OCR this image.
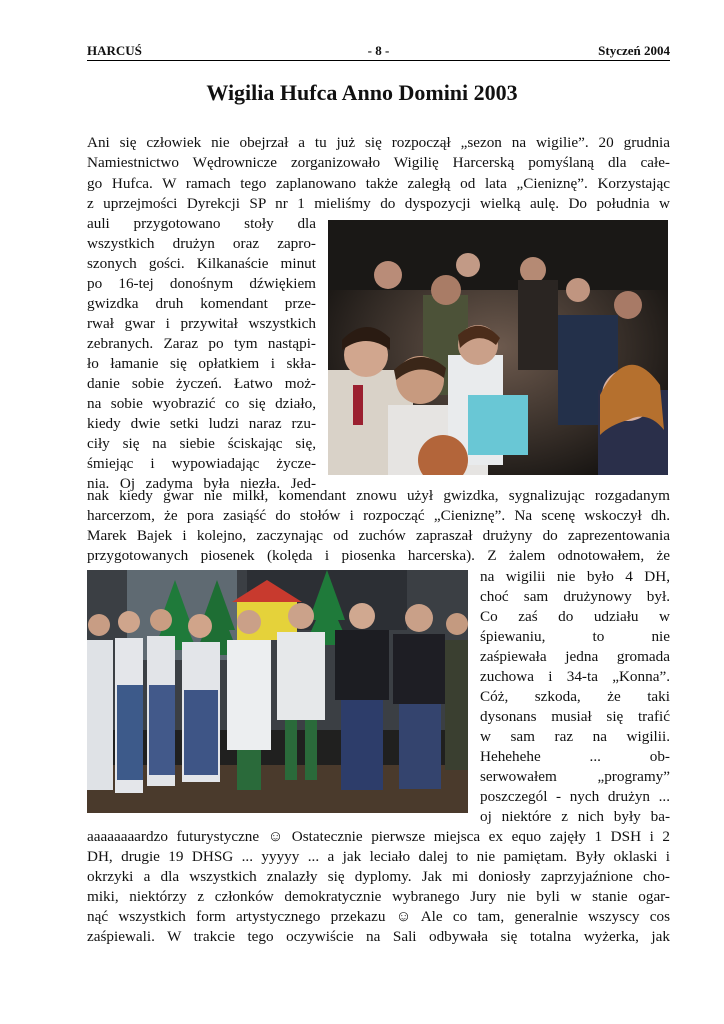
HARCUŚ	- 8 -	Styczeń 2004
Wigilia Hufca Anno Domini 2003
Ani się człowiek nie obejrzał a tu już się rozpoczął „sezon na wigilie”. 20 grudnia
Namiestnictwo Wędrownicze zorganizowało Wigilię Harcerską pomyślaną dla całe-
go Hufca. W ramach tego zaplanowano także zaległą od lata „Cieniznę”. Korzystając
z uprzejmości Dyrekcji SP nr 1 mieliśmy do dyspozycji wielką aulę. Do południa w
auli przygotowano stoły dla
wszystkich drużyn oraz zapro-
szonych gości. Kilkanaście minut
po 16-tej donośnym dźwiękiem
gwizdka druh komendant prze-
rwał gwar i przywitał wszystkich
zebranych. Zaraz po tym nastąpi-
ło łamanie się opłatkiem i skła-
danie sobie życzeń. Łatwo moż-
na sobie wyobrazić co się działo,
kiedy dwie setki ludzi naraz rzu-
ciły się na siebie ściskając się,
śmiejąc i wypowiadając życze-
nia. Oj zadyma była niezła. Jed-
nak kiedy gwar nie milkł, komendant znowu użył gwizdka, sygnalizując rozgadanym
harcerzom, że pora zasiąść do stołów i rozpocząć „Cieniznę”. Na scenę wskoczył dh.
Marek Bajek i kolejno, zaczynając od zuchów zapraszał drużyny do zaprezentowania
przygotowanych piosenek (kolęda i piosenka harcerska). Z żalem odnotowałem, że
na wigilii nie było 4 DH,
choć sam drużynowy był.
Co zaś do udziału w
śpiewaniu, to nie
zaśpiewała jedna gromada
zuchowa i 34-ta „Konna”.
Cóż, szkoda, że taki
dysonans musiał się trafić
w sam raz na wigilii.
Hehehehe ... ob-
serwowałem „programy”
poszczegól - nych drużyn ...
oj niektóre z nich były ba-
aaaaaaaardzo futurystyczne ☺ Ostatecznie pierwsze miejsca ex equo zajęły 1 DSH i 2
DH, drugie 19 DHSG ... yyyyy ... a jak leciało dalej to nie pamiętam. Były oklaski i
okrzyki a dla wszystkich znalazły się dyplomy. Jak mi doniosły zaprzyjaźnione cho-
miki, niektórzy z członków demokratycznie wybranego Jury nie byli w stanie ogar-
nąć wszystkich form artystycznego przekazu ☺ Ale co tam, generalnie wszyscy cos
zaśpiewali. W trakcie tego oczywiście na Sali odbywała się totalna wyżerka, jak
